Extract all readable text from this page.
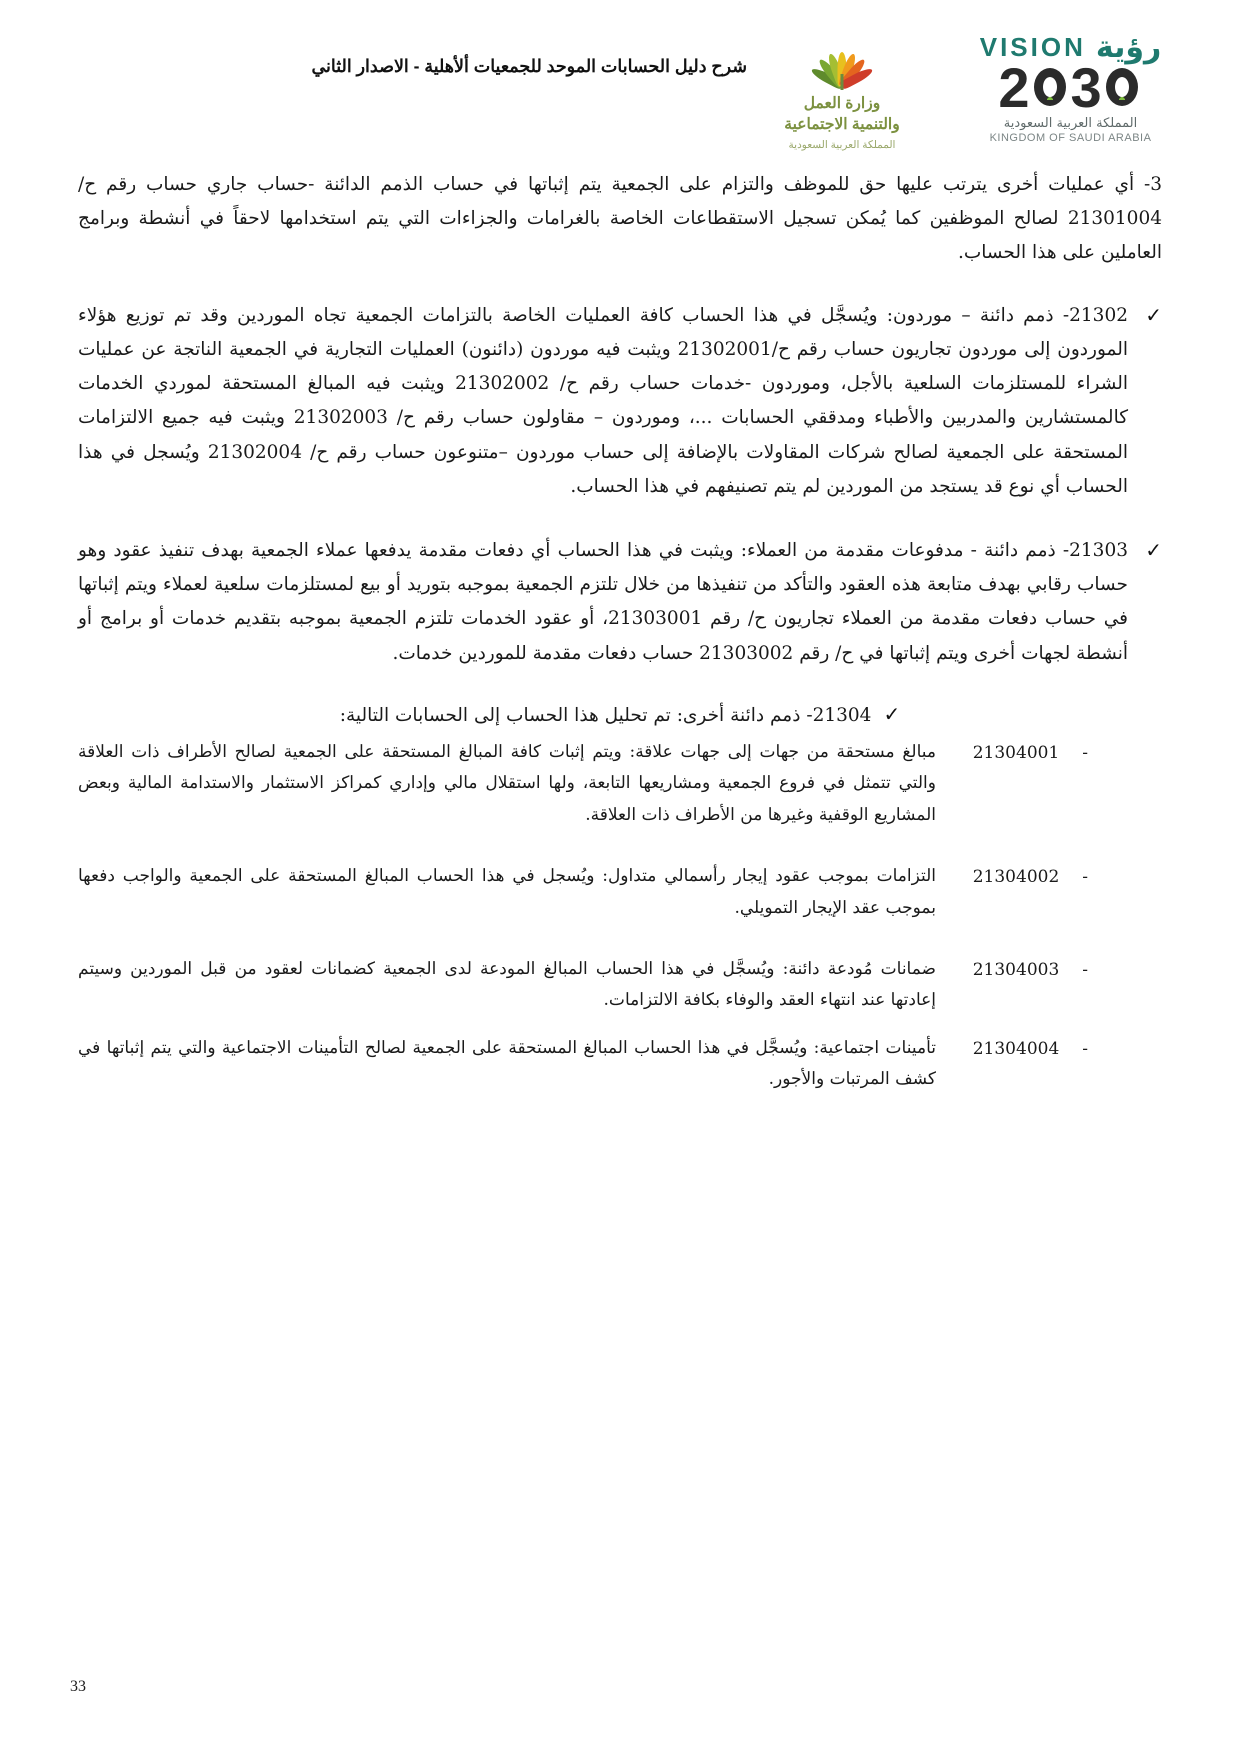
وزارة العمل
والتنمية الاجتماعية
المملكة العربية السعودية
VISION رؤية
2 3
المملكة العربية السعودية
KINGDOM OF SAUDI ARABIA
شرح دليل الحسابات الموحد للجمعيات ألأهلية - الاصدار الثاني

3- أي عمليات أخرى يترتب عليها حق للموظف والتزام على الجمعية يتم إثباتها في حساب الذمم الدائنة -حساب جاري حساب رقم ح/ 21301004 لصالح الموظفين كما يُمكن تسجيل الاستقطاعات الخاصة بالغرامات والجزاءات التي يتم استخدامها لاحقاً في أنشطة وبرامج العاملين على هذا الحساب.

✓

21302- ذمم دائنة – موردون: ويُسجَّل في هذا الحساب كافة العمليات الخاصة بالتزامات الجمعية تجاه الموردين وقد تم توزيع هؤلاء الموردون إلى موردون تجاريون حساب رقم ح/21302001 ويثبت فيه موردون (دائنون) العمليات التجارية في الجمعية الناتجة عن عمليات الشراء للمستلزمات السلعية بالأجل، وموردون -خدمات حساب رقم ح/ 21302002 ويثبت فيه المبالغ المستحقة لموردي الخدمات كالمستشارين والمدربين والأطباء ومدققي الحسابات ...، وموردون – مقاولون حساب رقم ح/ 21302003 ويثبت فيه جميع الالتزامات المستحقة على الجمعية لصالح شركات المقاولات بالإضافة إلى حساب موردون –متنوعون حساب رقم ح/ 21302004 ويُسجل في هذا الحساب أي نوع قد يستجد من الموردين لم يتم تصنيفهم في هذا الحساب.

✓

21303- ذمم دائنة - مدفوعات مقدمة من العملاء: ويثبت في هذا الحساب أي دفعات مقدمة يدفعها عملاء الجمعية بهدف تنفيذ عقود وهو حساب رقابي بهدف متابعة هذه العقود والتأكد من تنفيذها من خلال تلتزم الجمعية بموجبه بتوريد أو بيع لمستلزمات سلعية لعملاء ويتم إثباتها في حساب دفعات مقدمة من العملاء تجاريون ح/ رقم 21303001، أو عقود الخدمات تلتزم الجمعية بموجبه بتقديم خدمات أو برامج أو أنشطة لجهات أخرى ويتم إثباتها في ح/ رقم 21303002 حساب دفعات مقدمة للموردين خدمات.

✓ 21304- ذمم دائنة أخرى: تم تحليل هذا الحساب إلى الحسابات التالية:
-
21304001
مبالغ مستحقة من جهات إلى جهات علاقة: ويتم إثبات كافة المبالغ المستحقة على الجمعية لصالح الأطراف ذات العلاقة والتي تتمثل في فروع الجمعية ومشاريعها التابعة، ولها استقلال مالي وإداري كمراكز الاستثمار والاستدامة المالية وبعض المشاريع الوقفية وغيرها من الأطراف ذات العلاقة.
-
21304002
التزامات بموجب عقود إيجار رأسمالي متداول: ويُسجل في هذا الحساب المبالغ المستحقة على الجمعية والواجب دفعها بموجب عقد الإيجار التمويلي.
-
21304003
ضمانات مُودعة دائنة: ويُسجَّل في هذا الحساب المبالغ المودعة لدى الجمعية كضمانات لعقود من قبل الموردين وسيتم إعادتها عند انتهاء العقد والوفاء بكافة الالتزامات.
-
21304004
تأمينات اجتماعية: ويُسجَّل في هذا الحساب المبالغ المستحقة على الجمعية لصالح التأمينات الاجتماعية والتي يتم إثباتها في كشف المرتبات والأجور.
33
